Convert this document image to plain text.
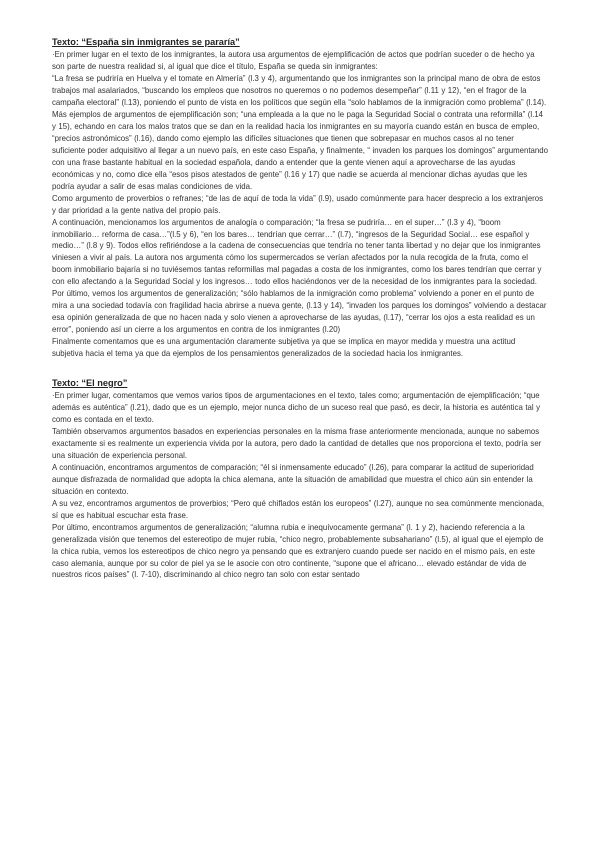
Texto: “España sin inmigrantes se pararía”

·En primer lugar en el texto de los inmigrantes, la autora usa argumentos de ejemplificación de actos que podrían suceder o de hecho ya son parte de nuestra realidad si, al igual que dice el título, España se queda sin inmigrantes:

“La fresa se pudriría en Huelva y el tomate en Almería” (l.3 y 4), argumentando que los inmigrantes son la principal mano de obra de estos trabajos mal asalariados, “buscando los empleos que nosotros no queremos o no podemos desempeñar” (l.11 y 12), “en el fragor de la campaña electoral” (l.13), poniendo el punto de vista en los políticos que según ella “solo hablamos de la inmigración como problema” (l.14). Más ejemplos de argumentos de ejemplificación son; “una empleada a la que no le paga la Seguridad Social o contrata una reformilla” (l.14 y 15), echando en cara los malos tratos que se dan en la realidad hacia los inmigrantes en su mayoría cuando están en busca de empleo, “precios astronómicos” (l.16), dando como ejemplo las difíciles situaciones que tienen que sobrepasar en muchos casos al no tener suficiente poder adquisitivo al llegar a un nuevo país, en este caso España, y finalmente, “ invaden los parques los domingos” argumentando con una frase bastante habitual en la sociedad española, dando a entender que la gente vienen aquí a aprovecharse de las ayudas económicas y no, como dice ella “esos pisos atestados de gente” (l.16 y 17) que nadie se acuerda al mencionar dichas ayudas que les podría ayudar a salir de esas malas condiciones de vida.

Como argumento de proverbios o refranes; “de las de aquí de toda la vida” (l.9), usado comúnmente para hacer desprecio a los extranjeros y dar prioridad a la gente nativa del propio país.

A continuación, mencionamos los argumentos de analogía o comparación; “la fresa se pudriría… en el super…” (l.3 y 4), “boom inmobiliario… reforma de casa…”(l.5 y 6), “en los bares… tendrían que cerrar…” (l.7), “ingresos de la Seguridad Social… ese español y medio…” (l.8 y 9). Todos ellos refiriéndose a la cadena de consecuencias que tendría no tener tanta libertad y no dejar que los inmigrantes viniesen a vivir al país. La autora nos argumenta cómo los supermercados se verían afectados por la nula recogida de la fruta, como el boom inmobiliario bajaría si no tuviésemos tantas reformillas mal pagadas a costa de los inmigrantes, como los bares tendrían que cerrar y con ello afectando a la Seguridad Social y los ingresos… todo ellos haciéndonos ver de la necesidad de los inmigrantes para la sociedad.

Por último, vemos los argumentos de generalización; “sólo hablamos de la inmigración como problema” volviendo a poner en el punto de mira a una sociedad todavía con fragilidad hacia abrirse a nueva gente, (l.13 y 14), “invaden los parques los domingos” volviendo a destacar esa opinión generalizada de que no hacen nada y solo vienen a aprovecharse de las ayudas, (l.17), “cerrar los ojos a esta realidad es un error”, poniendo así un cierre a los argumentos en contra de los inmigrantes (l.20)

Finalmente comentamos que es una argumentación claramente subjetiva ya que se implica en mayor medida y muestra una actitud subjetiva hacia el tema ya que da ejemplos de los pensamientos generalizados de la sociedad hacia los inmigrantes.

Texto: “El negro”

·En primer lugar, comentamos que vemos varios tipos de argumentaciones en el texto, tales como; argumentación de ejemplificación; “que además es auténtica” (l.21), dado que es un ejemplo, mejor nunca dicho de un suceso real que pasó, es decir, la historia es auténtica tal y como es contada en el texto.

También observamos argumentos basados en experiencias personales en la misma frase anteriormente mencionada, aunque no sabemos exactamente si es realmente un experiencia vivida por la autora, pero dado la cantidad de detalles que nos proporciona el texto, podría ser una situación de experiencia personal.

A continuación, encontramos argumentos de comparación; “él si inmensamente educado” (l.26), para comparar la actitud de superioridad aunque disfrazada de normalidad que adopta la chica alemana, ante la situación de amabilidad que muestra el chico aún sin entender la situación en contexto.

A su vez, encontramos argumentos de proverbios; “Pero qué chiflados están los europeos” (l.27), aunque no sea comúnmente mencionada, sí que es habitual escuchar esta frase.

Por último, encontramos argumentos de generalización; “alumna rubia e inequívocamente germana” (l. 1 y 2), haciendo referencia a la generalizada visión que tenemos del estereotipo de mujer rubia, “chico negro, probablemente subsahariano” (l.5), al igual que el ejemplo de la chica rubia, vemos los estereotipos de chico negro ya pensando que es extranjero cuando puede ser nacido en el mismo país, en este caso alemania, aunque por su color de piel ya se le asocie con otro continente, “supone que el africano… elevado estándar de vida de nuestros ricos países” (l. 7-10), discriminando al chico negro tan solo con estar sentado
